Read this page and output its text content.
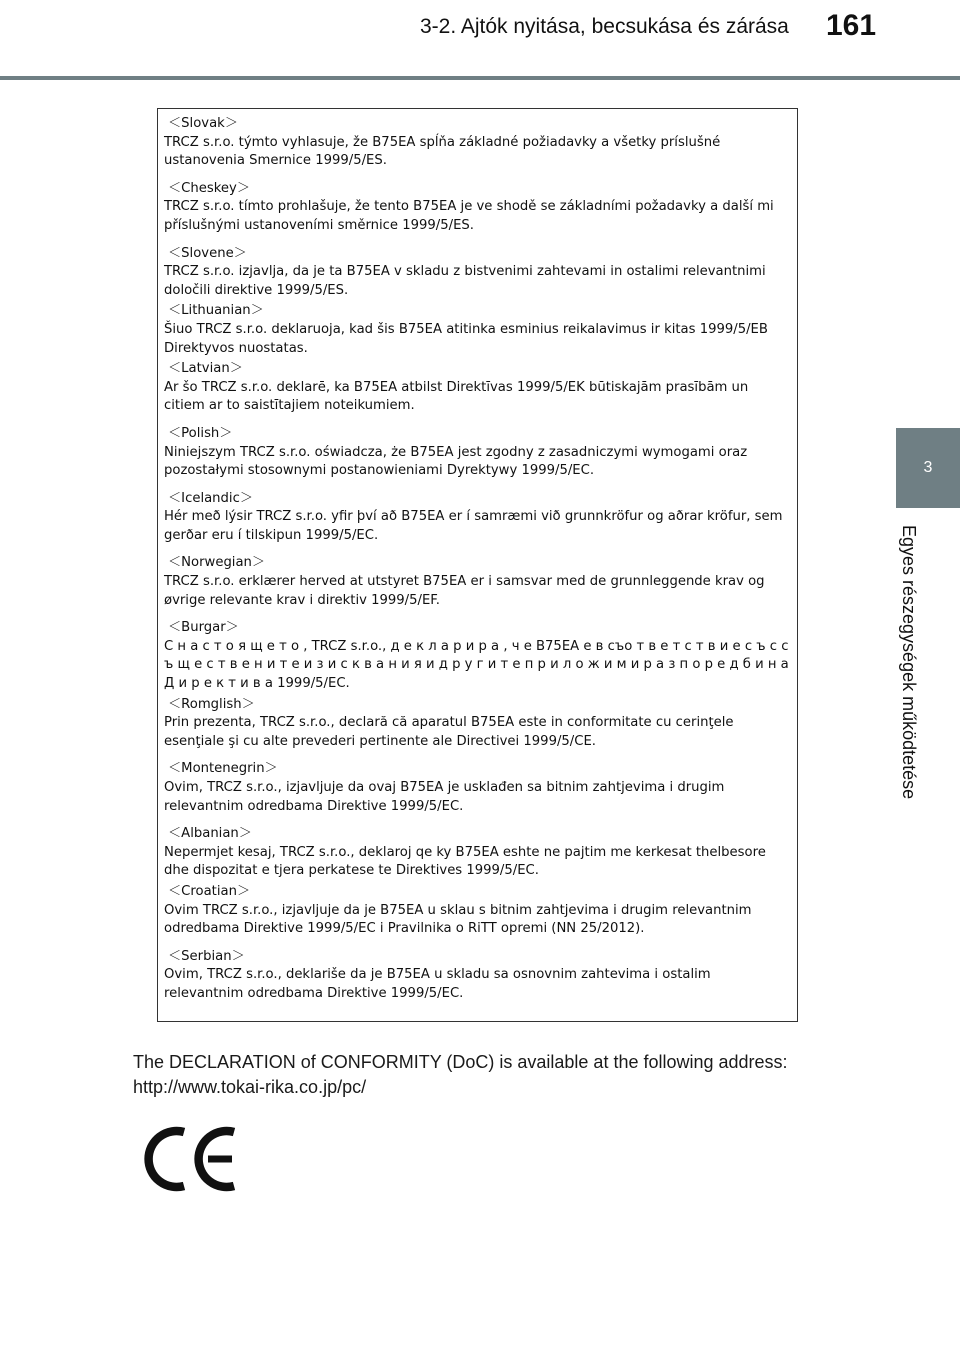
3-2. Ajtók nyitása, becsukása és zárása 161
3
Egyes részegységek működtetése
＜Slovak＞
TRCZ s.r.o. týmto vyhlasuje, že B75EA spĺňa základné požiadavky a všetky príslušné ustanovenia Smernice 1999/5/ES.
＜Cheskey＞
TRCZ s.r.o. tímto prohlašuje, že tento B75EA je ve shodě se základními požadavky a další mi příslušnými ustanoveními směrnice 1999/5/ES.
＜Slovene＞
TRCZ s.r.o. izjavlja, da je ta B75EA v skladu z bistvenimi zahtevami in ostalimi relevantnimi določili direktive 1999/5/ES.
＜Lithuanian＞
Šiuo TRCZ s.r.o. deklaruoja, kad šis B75EA atitinka esminius reikalavimus ir kitas 1999/5/EB Direktyvos nuostatas.
＜Latvian＞
Ar šo TRCZ s.r.o. deklarē, ka B75EA atbilst Direktīvas 1999/5/EK būtiskajām prasībām un citiem ar to saistītajiem noteikumiem.
＜Polish＞
Niniejszym TRCZ s.r.o. oświadcza, że B75EA jest zgodny z zasadniczymi wymogami oraz pozostałymi stosownymi postanowieniami Dyrektywy 1999/5/EC.
＜Icelandic＞
Hér með lýsir TRCZ s.r.o. yfir því að B75EA er í samræmi við grunnkröfur og aðrar kröfur, sem gerðar eru í tilskipun 1999/5/EC.
＜Norwegian＞
TRCZ s.r.o. erklærer herved at utstyret B75EA er i samsvar med de grunnleggende krav og øvrige relevante krav i direktiv 1999/5/EF.
＜Burgar＞
С н а с т о я щ е т о , TRCZ s.r.o., д е к л а р и р а , ч е B75EA е в съо т в е т с т в и е с ъ с с ъ щ е с т в е н и т е и з и с к в а н и я и д р у г и т е п р и л о ж и м и р а з п о р е д б и н а Д и р е к т и в а 1999/5/ЕС.
＜Romglish＞
Prin prezenta, TRCZ s.r.o., declară că aparatul B75EA este in conformitate cu cerinţele esenţiale şi cu alte prevederi pertinente ale Directivei 1999/5/CE.
＜Montenegrin＞
Ovim, TRCZ s.r.o., izjavljuje da ovaj B75EA je usklađen sa bitnim zahtjevima i drugim relevantnim odredbama Direktive 1999/5/EC.
＜Albanian＞
Nepermjet kesaj, TRCZ s.r.o., deklaroj qe ky B75EA eshte ne pajtim me kerkesat thelbesore dhe dispozitat e tjera perkatese te Direktives 1999/5/EC.
＜Croatian＞
Ovim TRCZ s.r.o., izjavljuje da je B75EA u sklau s bitnim zahtjevima i drugim relevantnim odredbama Direktive 1999/5/EC i Pravilnika o RiTT opremi (NN 25/2012).
＜Serbian＞
Ovim, TRCZ s.r.o., deklariše da je B75EA u skladu sa osnovnim zahtevima i ostalim relevantnim odredbama Direktive 1999/5/EC.
The DECLARATION of CONFORMITY (DoC) is available at the following address:
http://www.tokai-rika.co.jp/pc/
